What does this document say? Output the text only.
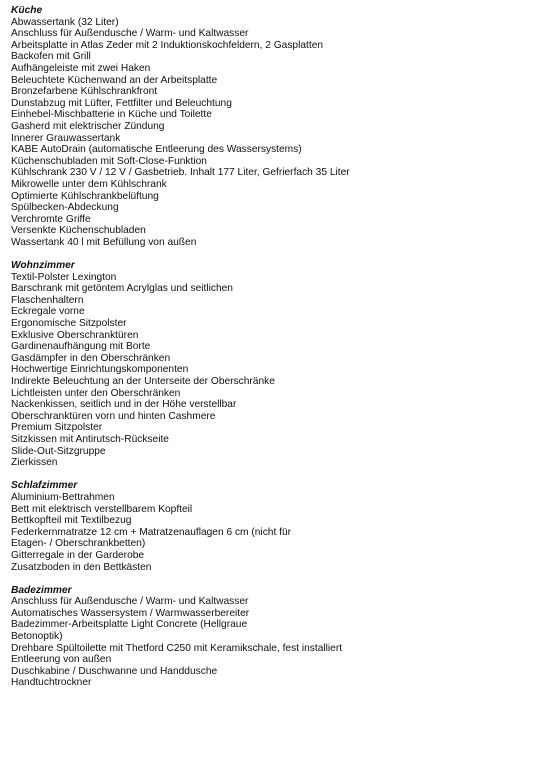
Küche
Abwassertank (32 Liter)
Anschluss für Außendusche / Warm- und Kaltwasser
Arbeitsplatte in Atlas Zeder mit 2 Induktionskochfeldern, 2 Gasplatten
Backofen mit Grill
Aufhängeleiste mit zwei Haken
Beleuchtete Küchenwand an der Arbeitsplatte
Bronzefarbene Kühlschrankfront
Dunstabzug mit Lüfter, Fettfilter und Beleuchtung
Einhebel-Mischbatterie in Küche und Toilette
Gasherd mit elektrischer Zündung
Innerer Grauwassertank
KABE AutoDrain (automatische Entleerung des Wassersystems)
Küchenschubladen mit Soft-Close-Funktion
Kühlschrank 230 V / 12 V / Gasbetrieb. Inhalt 177 Liter, Gefrierfach 35 Liter
Mikrowelle unter dem Kühlschrank
Optimierte Kühlschrankbelüftung
Spülbecken-Abdeckung
Verchromte Griffe
Versenkte Küchenschubladen
Wassertank 40 l mit Befüllung von außen
Wohnzimmer
Textil-Polster Lexington
Barschrank mit getöntem Acrylglas und seitlichen
Flaschenhaltern
Eckregale vorne
Ergonomische Sitzpolster
Exklusive Oberschranktüren
Gardinenaufhängung mit Borte
Gasdämpfer in den Oberschränken
Hochwertige Einrichtungskomponenten
Indirekte Beleuchtung an der Unterseite der Oberschränke
Lichtleisten unter den Oberschränken
Nackenkissen, seitlich und in der Höhe verstellbar
Oberschranktüren vorn und hinten Cashmere
Premium Sitzpolster
Sitzkissen mit Antirutsch-Rückseite
Slide-Out-Sitzgruppe
Zierkissen
Schlafzimmer
Aluminium-Bettrahmen
Bett mit elektrisch verstellbarem Kopfteil
Bettkopfteil mit Textilbezug
Federkernmatratze 12 cm + Matratzenauflagen 6 cm (nicht für
Etagen- / Oberschrankbetten)
Gitterregale in der Garderobe
Zusatzboden in den Bettkästen
Badezimmer
Anschluss für Außendusche / Warm- und Kaltwasser
Automatisches Wassersystem / Warmwasserbereiter
Badezimmer-Arbeitsplatte Light Concrete (Hellgraue
Betonoptik)
Drehbare Spültoilette mit Thetford C250 mit Keramikschale, fest installiert
Entleerung von außen
Duschkabine / Duschwanne und Handdusche
Handtuchtrockner
